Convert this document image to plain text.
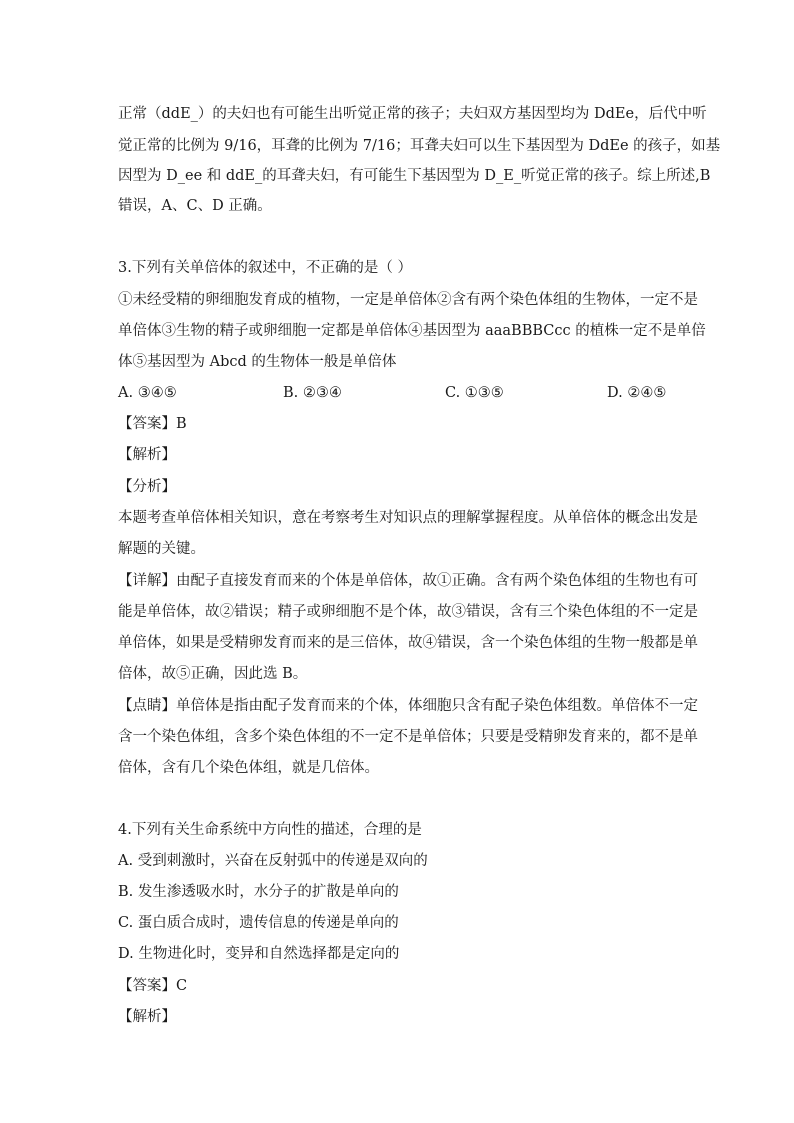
正常（ddE_）的夫妇也有可能生出听觉正常的孩子；夫妇双方基因型均为 DdEe，后代中听
觉正常的比例为 9/16，耳聋的比例为 7/16；耳聋夫妇可以生下基因型为 DdEe 的孩子，如基
因型为 D_ee 和 ddE_的耳聋夫妇，有可能生下基因型为 D_E_听觉正常的孩子。综上所述,B
错误，A、C、D 正确。
3.下列有关单倍体的叙述中，不正确的是（ ）
①未经受精的卵细胞发育成的植物，一定是单倍体②含有两个染色体组的生物体，一定不是
单倍体③生物的精子或卵细胞一定都是单倍体④基因型为 aaaBBBCcc 的植株一定不是单倍
体⑤基因型为 Abcd 的生物体一般是单倍体
A. ③④⑤	B. ②③④	C. ①③⑤	D. ②④⑤
【答案】B
【解析】
【分析】
本题考查单倍体相关知识，意在考察考生对知识点的理解掌握程度。从单倍体的概念出发是
解题的关键。
【详解】由配子直接发育而来的个体是单倍体，故①正确。含有两个染色体组的生物也有可
能是单倍体，故②错误；精子或卵细胞不是个体，故③错误，含有三个染色体组的不一定是
单倍体，如果是受精卵发育而来的是三倍体，故④错误，含一个染色体组的生物一般都是单
倍体，故⑤正确，因此选 B。
【点睛】单倍体是指由配子发育而来的个体，体细胞只含有配子染色体组数。单倍体不一定
含一个染色体组，含多个染色体组的不一定不是单倍体；只要是受精卵发育来的，都不是单
倍体，含有几个染色体组，就是几倍体。
4.下列有关生命系统中方向性的描述，合理的是
A. 受到刺激时，兴奋在反射弧中的传递是双向的
B. 发生渗透吸水时，水分子的扩散是单向的
C. 蛋白质合成时，遗传信息的传递是单向的
D. 生物进化时，变异和自然选择都是定向的
【答案】C
【解析】
